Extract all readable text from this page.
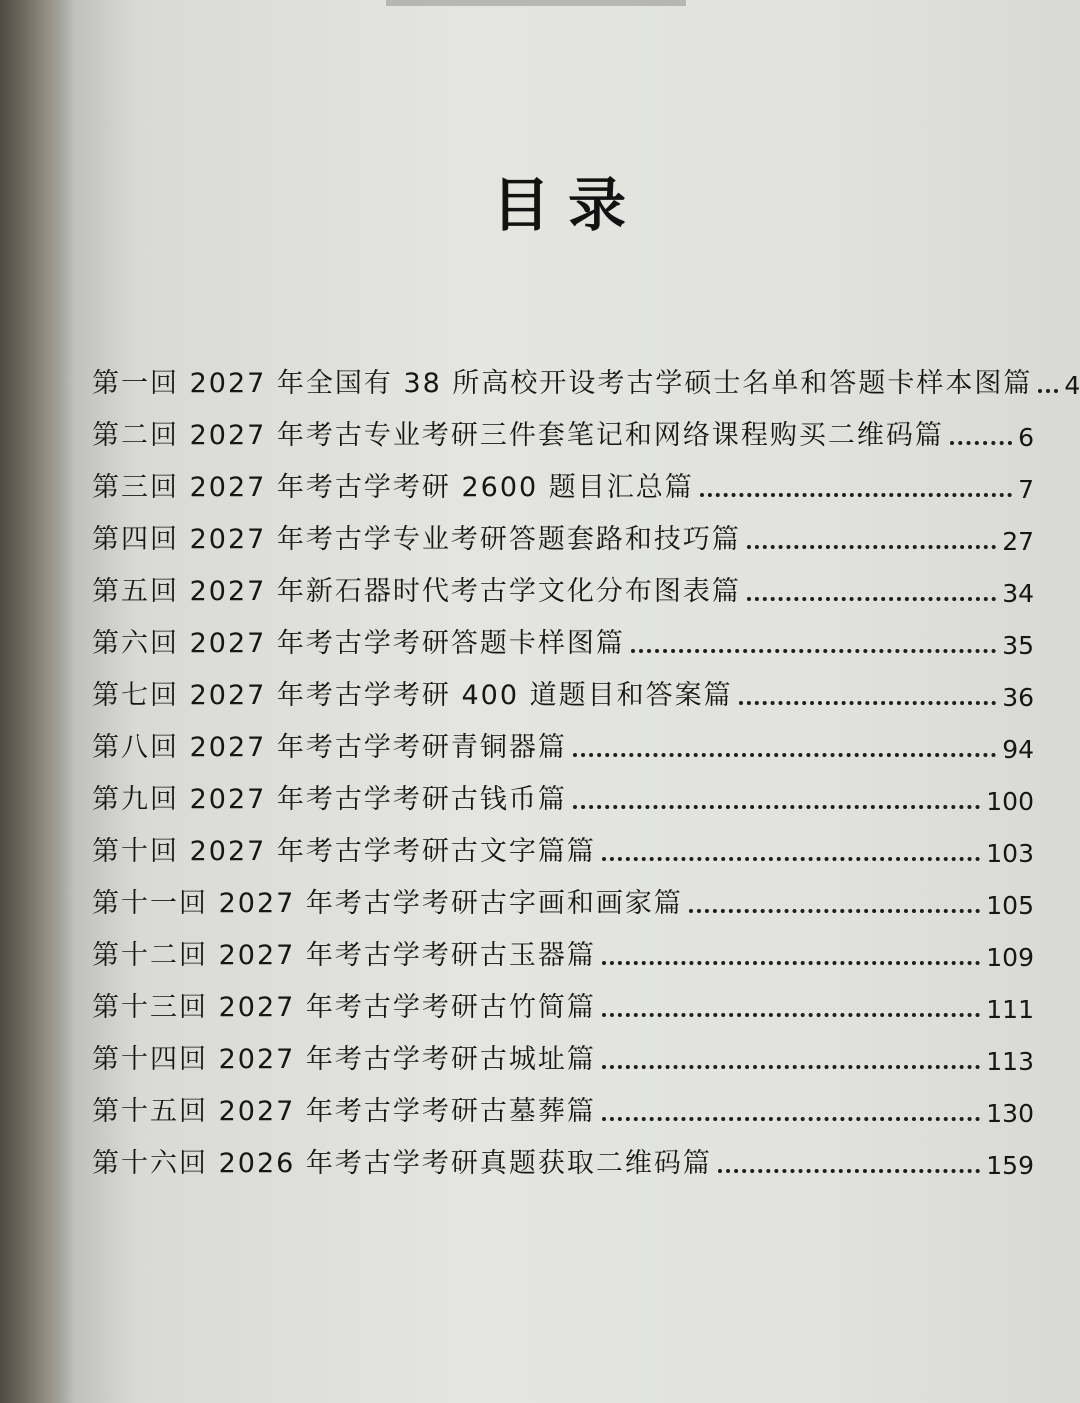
目录
第一回 2027 年全国有 38 所高校开设考古学硕士名单和答题卡样本图篇 4
第二回 2027 年考古专业考研三件套笔记和网络课程购买二维码篇	6
第三回 2027 年考古学考研 2600 题目汇总篇	7
第四回 2027 年考古学专业考研答题套路和技巧篇	27
第五回 2027 年新石器时代考古学文化分布图表篇	34
第六回 2027 年考古学考研答题卡样图篇	35
第七回 2027 年考古学考研 400 道题目和答案篇	36
第八回 2027 年考古学考研青铜器篇	94
第九回 2027 年考古学考研古钱币篇	100
第十回 2027 年考古学考研古文字篇篇	103
第十一回 2027 年考古学考研古字画和画家篇	105
第十二回 2027 年考古学考研古玉器篇	109
第十三回 2027 年考古学考研古竹简篇	111
第十四回 2027 年考古学考研古城址篇	113
第十五回 2027 年考古学考研古墓葬篇	130
第十六回 2026 年考古学考研真题获取二维码篇	159
